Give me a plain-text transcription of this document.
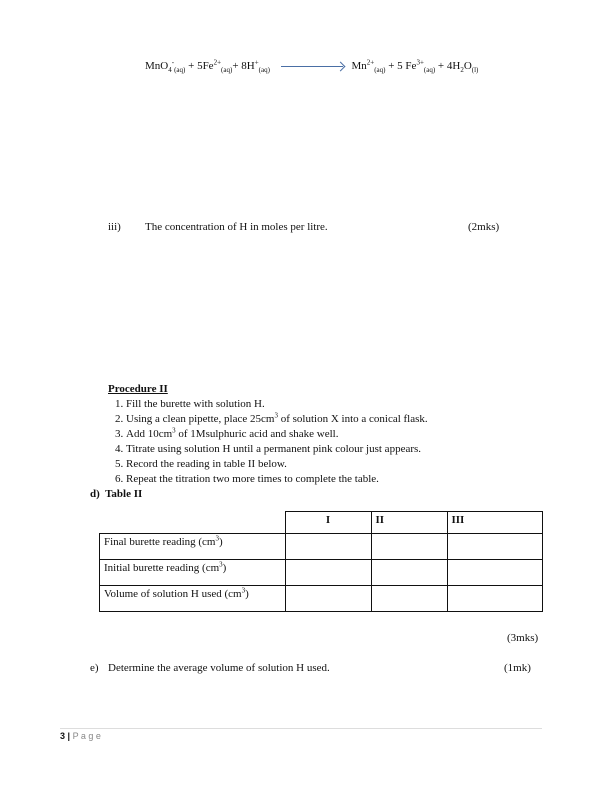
$MnO_4^-_{(aq)} + 5Fe^{2+}_{(aq)}+ 8H^+_{(aq)}$	$Mn^{2+}_{(aq)} + 5$ $Fe^{3+}_{(aq)} + 4H_2O_{(l)}$
iii) The concentration of H in moles per litre.	(2mks)
Procedure II
1. Fill the burette with solution H.
2. Using a clean pipette, place $25cm^3$ of solution X into a conical flask.
3. Add $10cm^3$ of 1Msulphuric acid and shake well.
4. Titrate using solution H until a permanent pink colour just appears.
5. Record the reading in table II below.
6. Repeat the titration two more times to complete the table.
d) Table II
	I	II	III
Final burette reading $(cm^3)$			
Initial burette reading $(cm^3)$			
Volume of solution H used $(cm^3)$			
(3mks)
e) Determine the average volume of solution H used.	(1mk)
3 | P a g e
